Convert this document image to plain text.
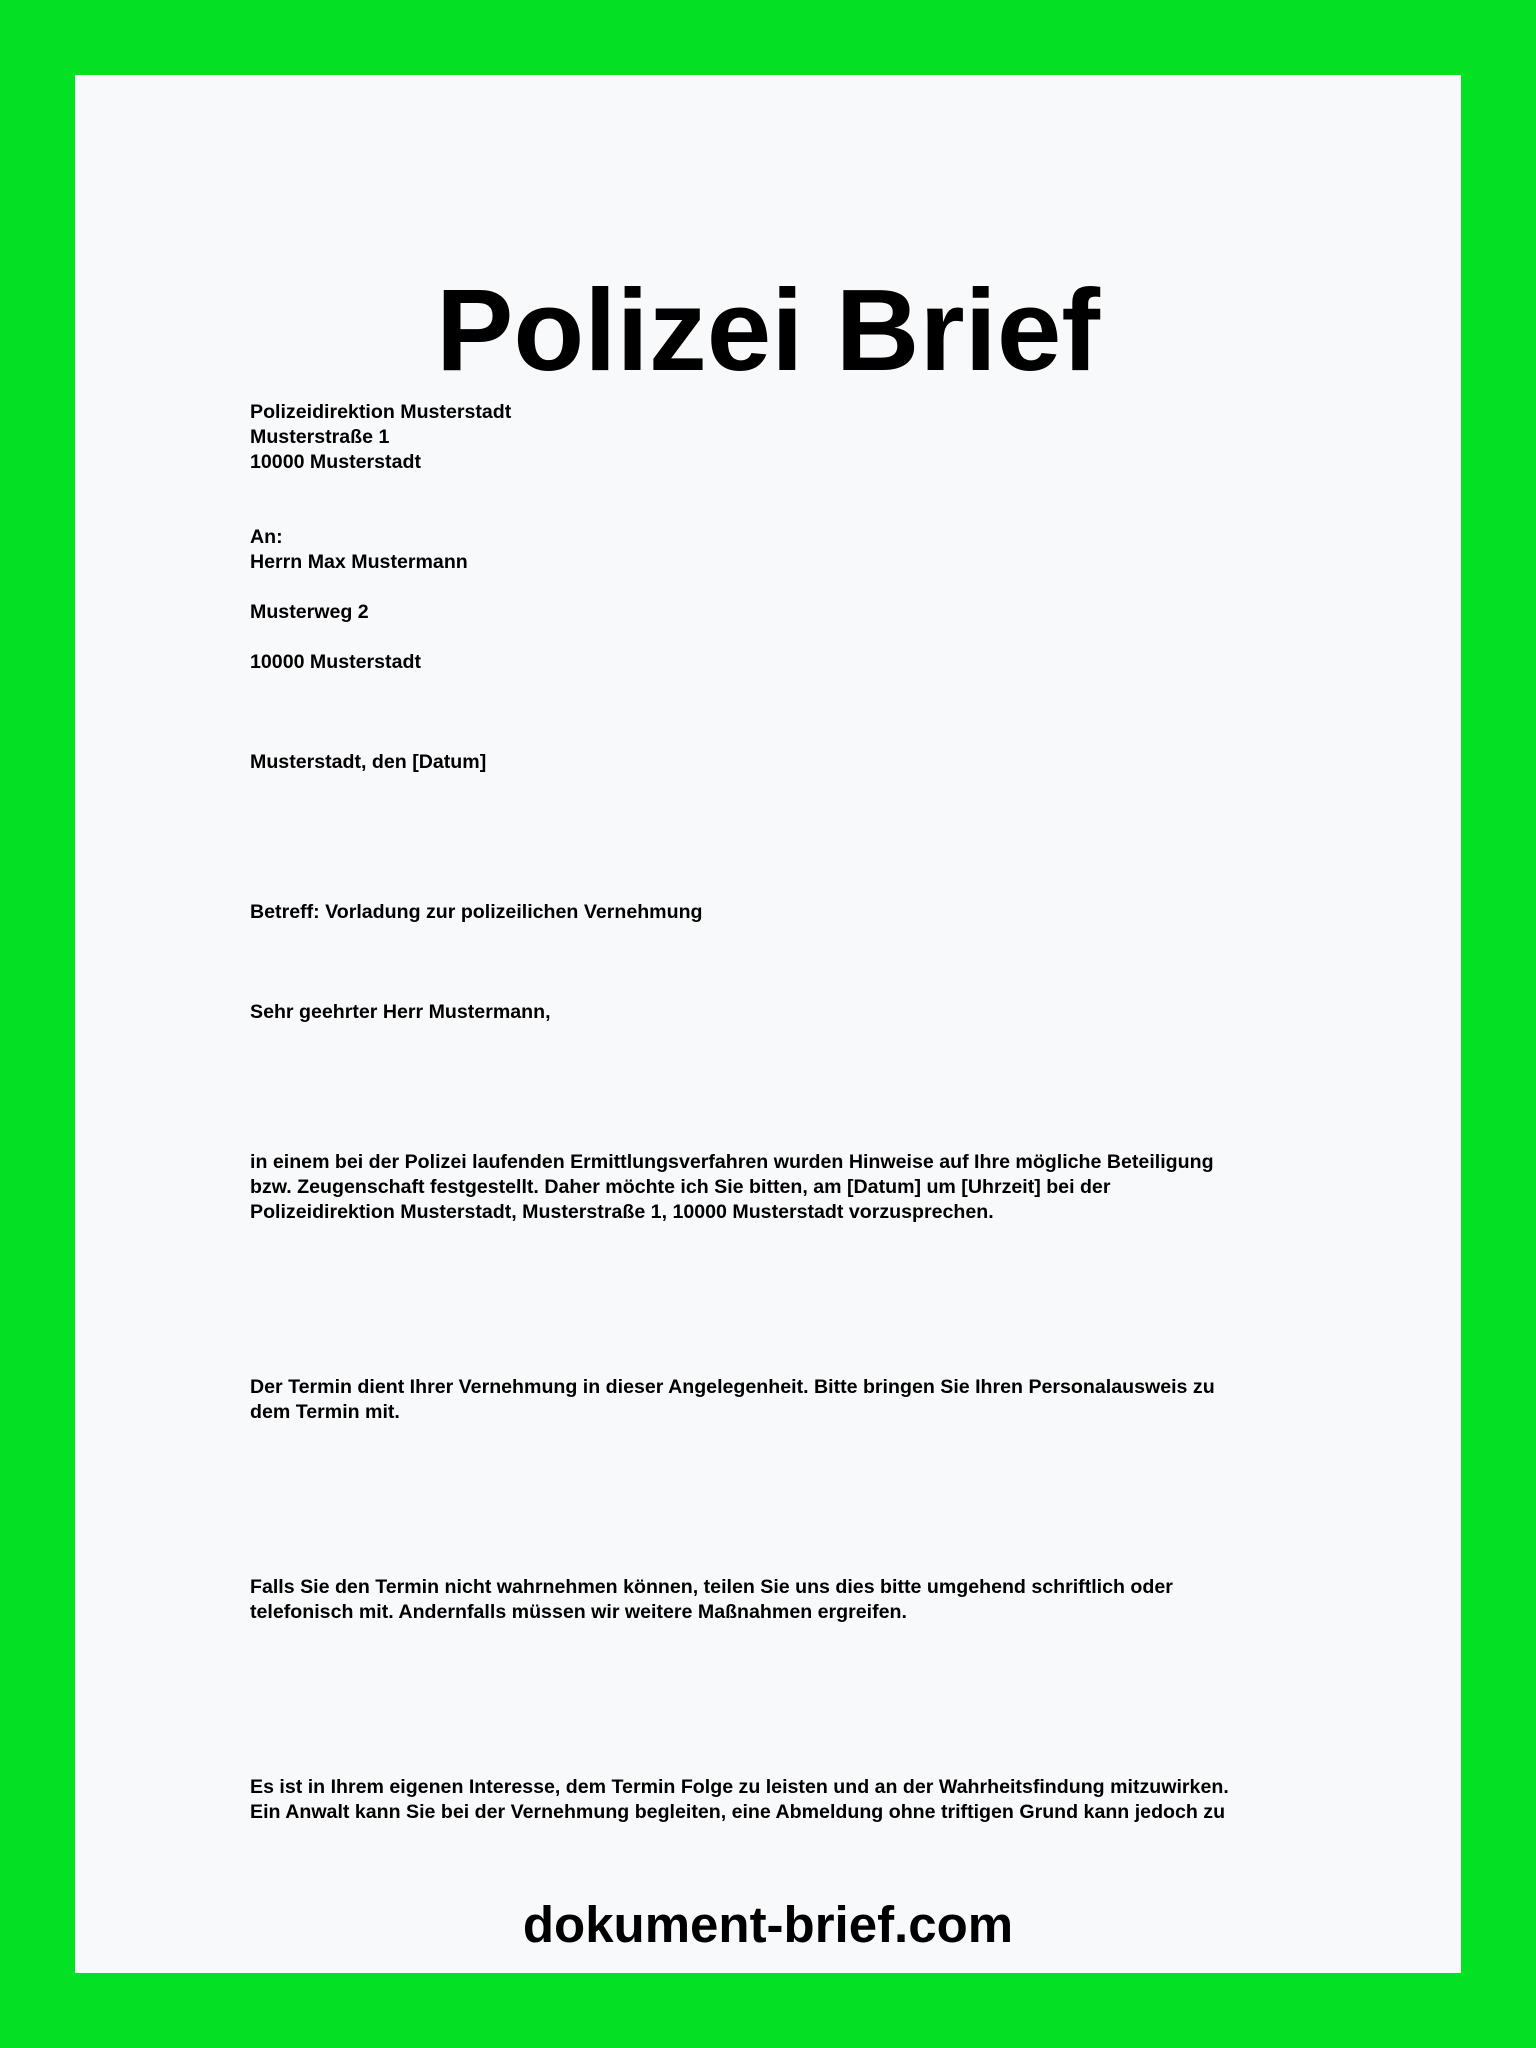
Polizei Brief
Polizeidirektion Musterstadt
Musterstraße 1
10000 Musterstadt
An:
Herrn Max Mustermann
Musterweg 2
10000 Musterstadt
Musterstadt, den [Datum]
Betreff: Vorladung zur polizeilichen Vernehmung
Sehr geehrter Herr Mustermann,
in einem bei der Polizei laufenden Ermittlungsverfahren wurden Hinweise auf Ihre mögliche Beteiligung
bzw. Zeugenschaft festgestellt. Daher möchte ich Sie bitten, am [Datum] um [Uhrzeit] bei der
Polizeidirektion Musterstadt, Musterstraße 1, 10000 Musterstadt vorzusprechen.
Der Termin dient Ihrer Vernehmung in dieser Angelegenheit. Bitte bringen Sie Ihren Personalausweis zu
dem Termin mit.
Falls Sie den Termin nicht wahrnehmen können, teilen Sie uns dies bitte umgehend schriftlich oder
telefonisch mit. Andernfalls müssen wir weitere Maßnahmen ergreifen.
Es ist in Ihrem eigenen Interesse, dem Termin Folge zu leisten und an der Wahrheitsfindung mitzuwirken.
Ein Anwalt kann Sie bei der Vernehmung begleiten, eine Abmeldung ohne triftigen Grund kann jedoch zu
dokument-brief.com
